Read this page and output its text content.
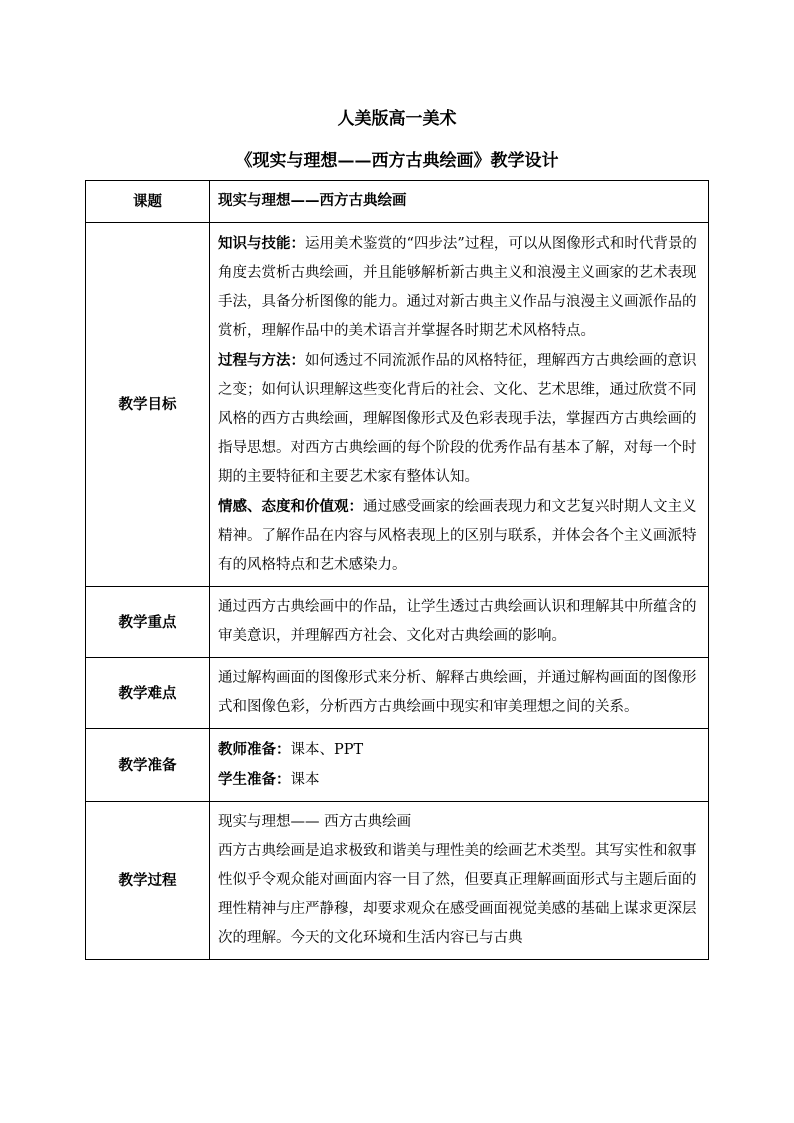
人美版高一美术
《现实与理想——西方古典绘画》教学设计
课题	现实与理想——西方古典绘画
教学目标	知识与技能：运用美术鉴赏的“四步法”过程，可以从图像形式和时代背景的角度去赏析古典绘画，并且能够解析新古典主义和浪漫主义画家的艺术表现手法，具备分析图像的能力。通过对新古典主义作品与浪漫主义画派作品的赏析，理解作品中的美术语言并掌握各时期艺术风格特点。

过程与方法：如何透过不同流派作品的风格特征，理解西方古典绘画的意识之变；如何认识理解这些变化背后的社会、文化、艺术思维，通过欣赏不同风格的西方古典绘画，理解图像形式及色彩表现手法，掌握西方古典绘画的指导思想。对西方古典绘画的每个阶段的优秀作品有基本了解，对每一个时期的主要特征和主要艺术家有整体认知。

情感、态度和价值观：通过感受画家的绘画表现力和文艺复兴时期人文主义精神。了解作品在内容与风格表现上的区别与联系，并体会各个主义画派特有的风格特点和艺术感染力。

教学重点	通过西方古典绘画中的作品，让学生透过古典绘画认识和理解其中所蕴含的审美意识，并理解西方社会、文化对古典绘画的影响。
教学难点	通过解构画面的图像形式来分析、解释古典绘画，并通过解构画面的图像形式和图像色彩，分析西方古典绘画中现实和审美理想之间的关系。
教学准备	教师准备：课本、PPT

学生准备：课本

教学过程	现实与理想—— 西方古典绘画

西方古典绘画是追求极致和谐美与理性美的绘画艺术类型。其写实性和叙事性似乎令观众能对画面内容一目了然，但要真正理解画面形式与主题后面的理性精神与庄严静穆，却要求观众在感受画面视觉美感的基础上谋求更深层次的理解。今天的文化环境和生活内容已与古典
